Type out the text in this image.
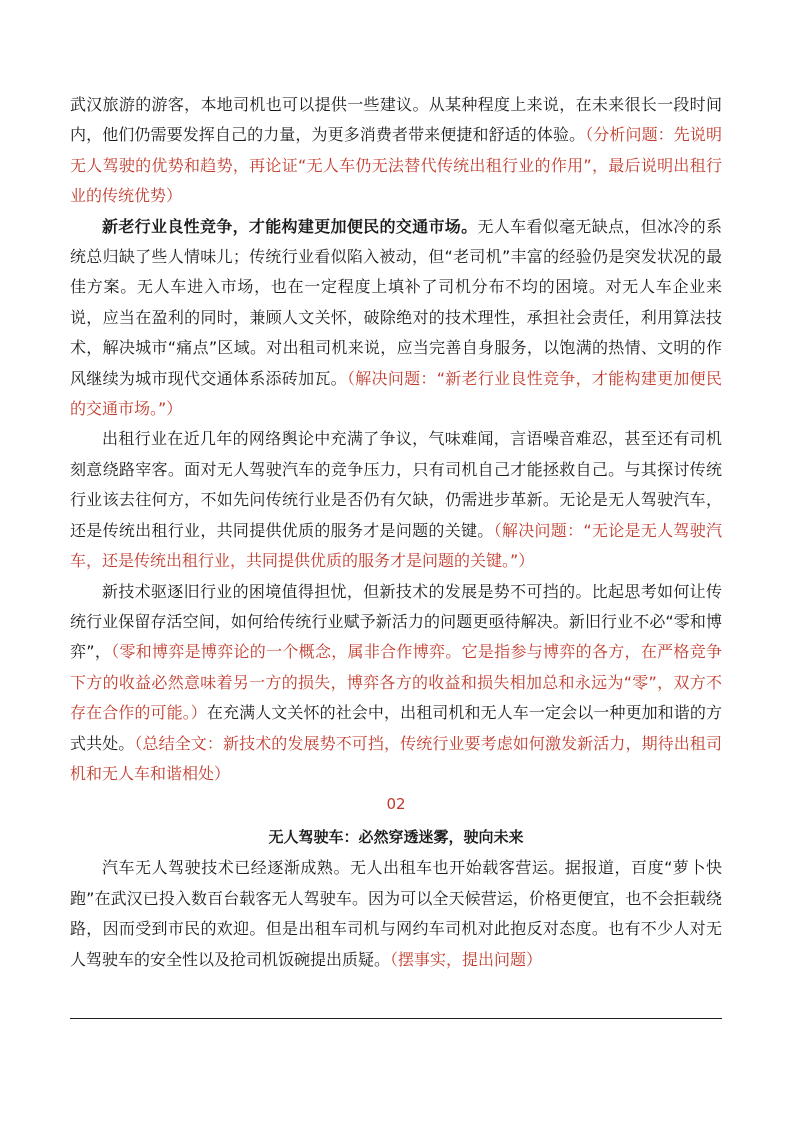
武汉旅游的游客，本地司机也可以提供一些建议。从某种程度上来说，在未来很长一段时间内，他们仍需要发挥自己的力量，为更多消费者带来便捷和舒适的体验。（分析问题：先说明无人驾驶的优势和趋势，再论证“无人车仍无法替代传统出租行业的作用”，最后说明出租行业的传统优势）

新老行业良性竞争，才能构建更加便民的交通市场。无人车看似毫无缺点，但冰冷的系统总归缺了些人情味儿；传统行业看似陷入被动，但“老司机”丰富的经验仍是突发状况的最佳方案。无人车进入市场，也在一定程度上填补了司机分布不均的困境。对无人车企业来说，应当在盈利的同时，兼顾人文关怀，破除绝对的技术理性，承担社会责任，利用算法技术，解决城市“痛点”区域。对出租司机来说，应当完善自身服务，以饱满的热情、文明的作风继续为城市现代交通体系添砖加瓦。（解决问题：“新老行业良性竞争，才能构建更加便民的交通市场。”）

出租行业在近几年的网络舆论中充满了争议，气味难闻，言语噪音难忍，甚至还有司机刻意绕路宰客。面对无人驾驶汽车的竞争压力，只有司机自己才能拯救自己。与其探讨传统行业该去往何方，不如先问传统行业是否仍有欠缺，仍需进步革新。无论是无人驾驶汽车，还是传统出租行业，共同提供优质的服务才是问题的关键。（解决问题：“无论是无人驾驶汽车，还是传统出租行业，共同提供优质的服务才是问题的关键。”）

新技术驱逐旧行业的困境值得担忧，但新技术的发展是势不可挡的。比起思考如何让传统行业保留存活空间，如何给传统行业赋予新活力的问题更亟待解决。新旧行业不必“零和博弈”，（零和博弈是博弈论的一个概念，属非合作博弈。它是指参与博弈的各方，在严格竞争下方的收益必然意味着另一方的损失，博弈各方的收益和损失相加总和永远为“零”，双方不存在合作的可能。）在充满人文关怀的社会中，出租司机和无人车一定会以一种更加和谐的方式共处。（总结全文：新技术的发展势不可挡，传统行业要考虑如何激发新活力，期待出租司机和无人车和谐相处）

02

无人驾驶车：必然穿透迷雾，驶向未来

汽车无人驾驶技术已经逐渐成熟。无人出租车也开始载客营运。据报道，百度“萝卜快跑”在武汉已投入数百台载客无人驾驶车。因为可以全天候营运，价格更便宜，也不会拒载绕路，因而受到市民的欢迎。但是出租车司机与网约车司机对此抱反对态度。也有不少人对无人驾驶车的安全性以及抢司机饭碗提出质疑。（摆事实，提出问题）
